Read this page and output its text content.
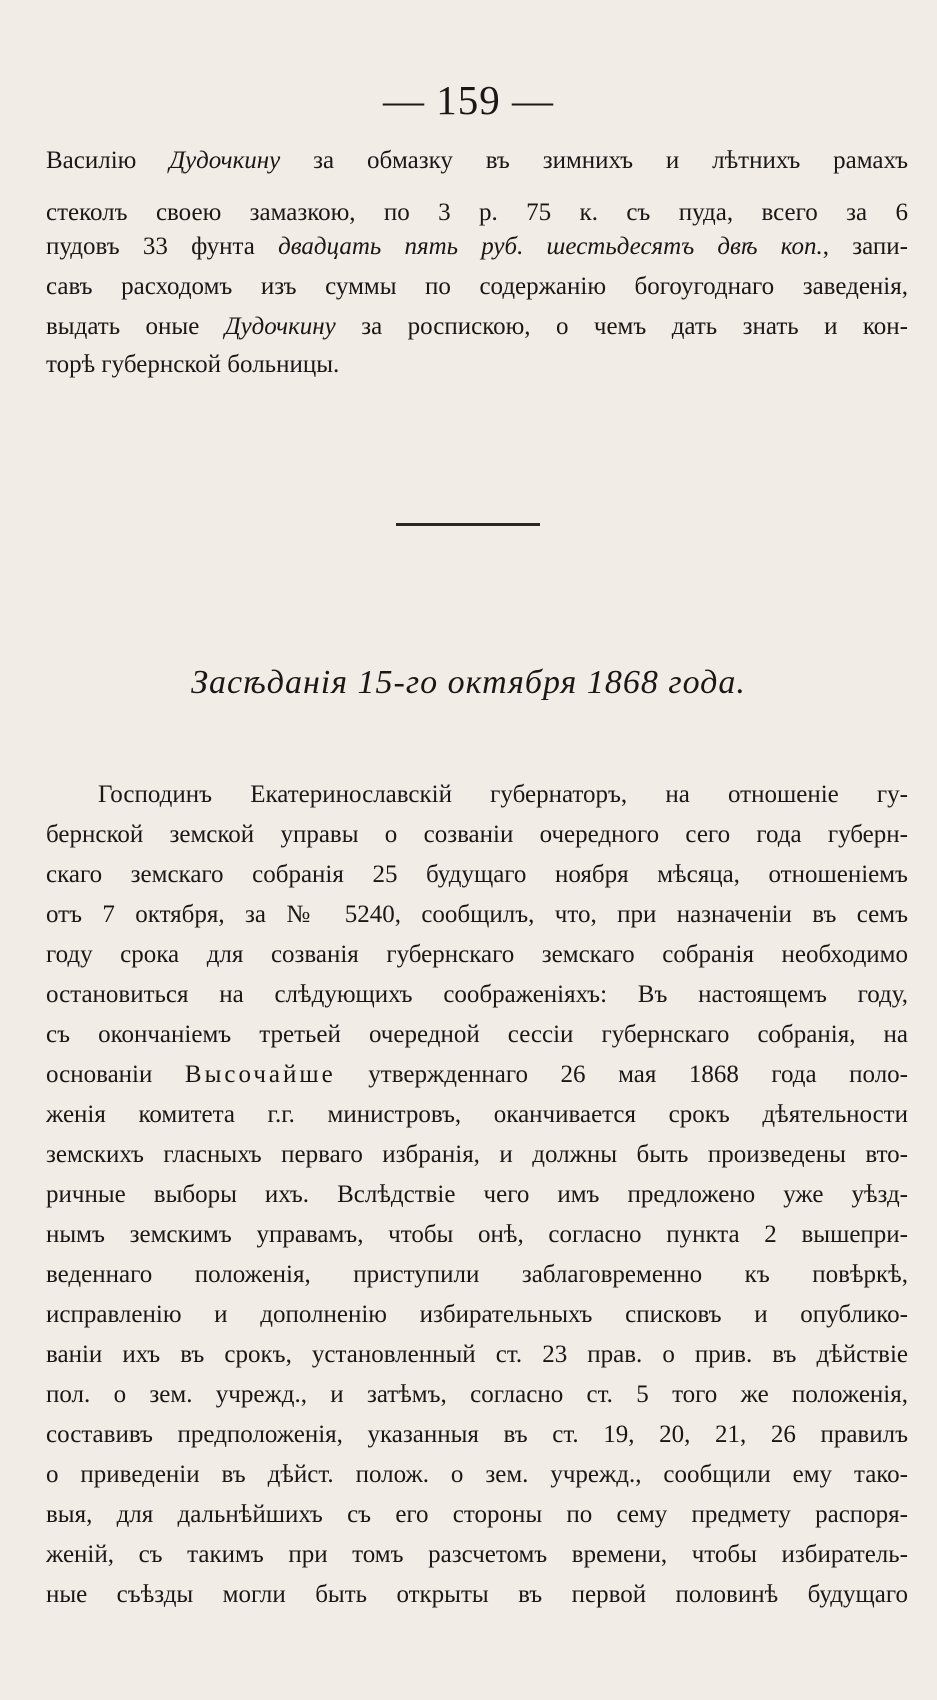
— 159 —
Василію Дудочкину за обмазку въ зимнихъ и лѣтнихъ рамахъ
стеколъ своею замазкою, по 3 р. 75 к. съ пуда, всего за 6
пудовъ 33 фунта двадцать пять руб. шестьдесятъ двѣ коп., запи-
савъ расходомъ изъ суммы по содержанію богоугоднаго заведенія,
выдать оные Дудочкину за роспискою, о чемъ дать знать и кон-
торѣ губернской больницы.
Засѣданія 15-го октября 1868 года.
Господинъ Екатеринославскій губернаторъ, на отношеніе гу-
бернской земской управы о созваніи очередного сего года губерн-
скаго земскаго собранія 25 будущаго ноября мѣсяца, отношеніемъ
отъ 7 октября, за № 5240, сообщилъ, что, при назначеніи въ семъ
году срока для созванія губернскаго земскаго собранія необходимо
остановиться на слѣдующихъ соображеніяхъ: Въ настоящемъ году,
съ окончаніемъ третьей очередной сессіи губернскаго собранія, на
основаніи Высочайше утвержденнаго 26 мая 1868 года поло-
женія комитета г.г. министровъ, оканчивается срокъ дѣятельности
земскихъ гласныхъ перваго избранія, и должны быть произведены вто-
ричные выборы ихъ. Вслѣдствіе чего имъ предложено уже уѣзд-
нымъ земскимъ управамъ, чтобы онѣ, согласно пункта 2 вышепри-
веденнаго положенія, приступили заблаговременно къ повѣркѣ,
исправленію и дополненію избирательныхъ списковъ и опублико-
ваніи ихъ въ срокъ, установленный ст. 23 прав. о прив. въ дѣйствіе
пол. о зем. учрежд., и затѣмъ, согласно ст. 5 того же положенія,
составивъ предположенія, указанныя въ ст. 19, 20, 21, 26 правилъ
о приведеніи въ дѣйст. полож. о зем. учрежд., сообщили ему тако-
выя, для дальнѣйшихъ съ его стороны по сему предмету распоря-
женій, съ такимъ при томъ разсчетомъ времени, чтобы избиратель-
ные съѣзды могли быть открыты въ первой половинѣ будущаго
